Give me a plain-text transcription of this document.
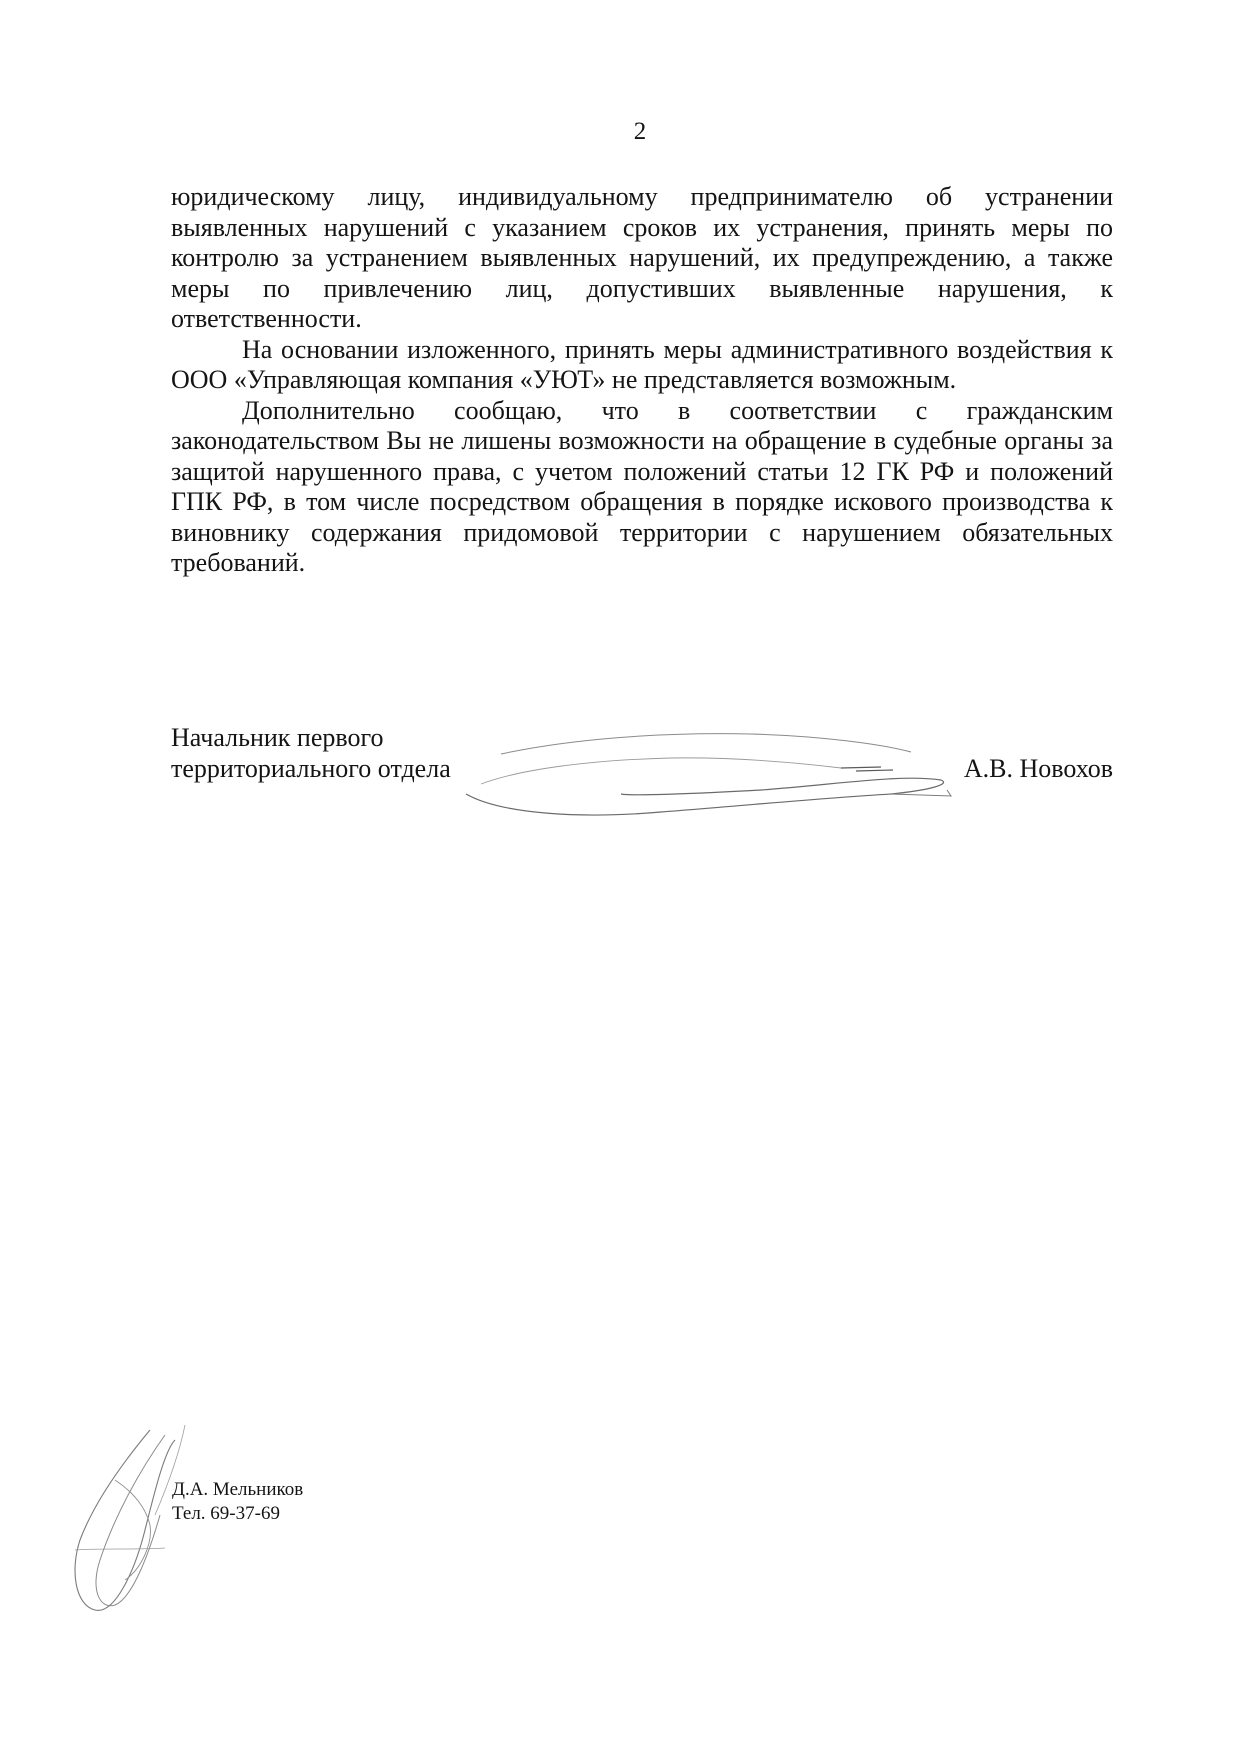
2

юридическому лицу, индивидуальному предпринимателю об устранении выявленных нарушений с указанием сроков их устранения, принять меры по контролю за устранением выявленных нарушений, их предупреждению, а также меры по привлечению лиц, допустивших выявленные нарушения, к ответственности.

На основании изложенного, принять меры административного воздействия к ООО «Управляющая компания «УЮТ» не представляется возможным.

Дополнительно сообщаю, что в соответствии с гражданским законодательством Вы не лишены возможности на обращение в судебные органы за защитой нарушенного права, с учетом положений статьи 12 ГК РФ и положений ГПК РФ, в том числе посредством обращения в порядке искового производства к виновнику содержания придомовой территории с нарушением обязательных требований.

Начальник первого
территориального отдела	А.В. Новохов
Д.А. Мельников
Тел. 69-37-69
